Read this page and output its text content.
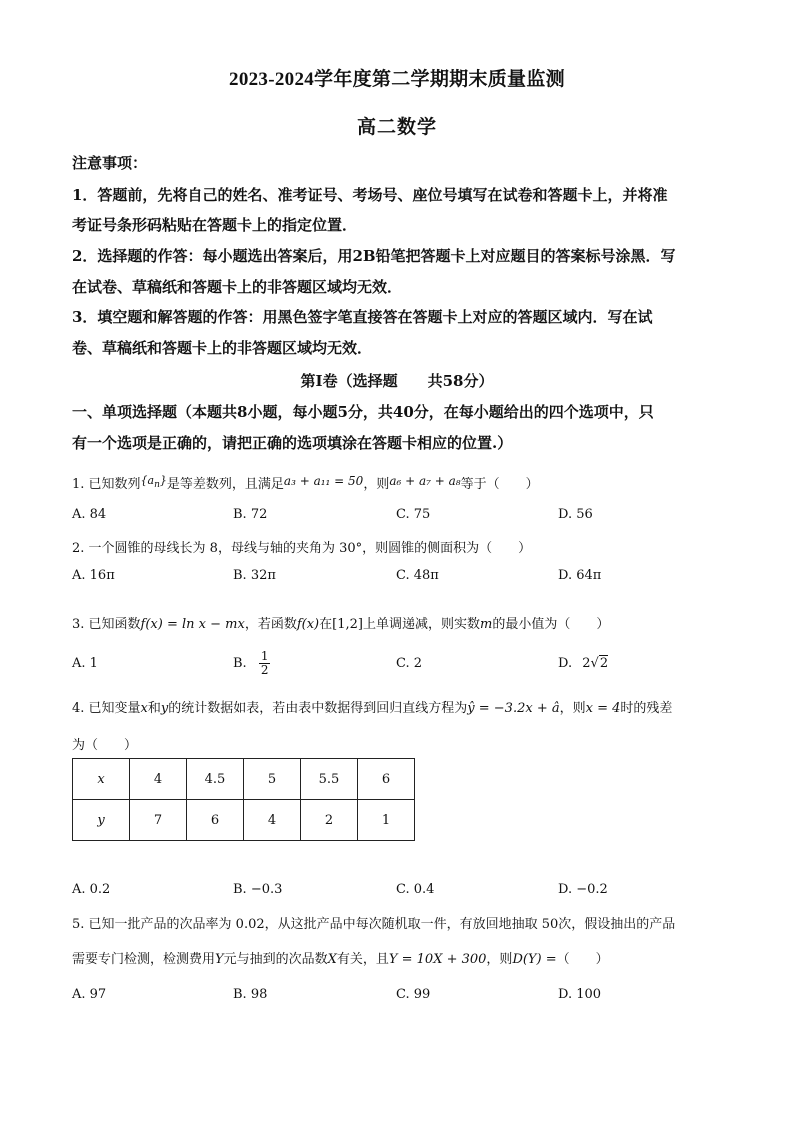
2023-2024学年度第二学期期末质量监测
高二数学
注意事项：
1．答题前，先将自己的姓名、准考证号、考场号、座位号填写在试卷和答题卡上，并将准
考证号条形码粘贴在答题卡上的指定位置．
2．选择题的作答：每小题选出答案后，用2B铅笔把答题卡上对应题目的答案标号涂黑．写
在试卷、草稿纸和答题卡上的非答题区域均无效．
3．填空题和解答题的作答：用黑色签字笔直接答在答题卡上对应的答题区域内．写在试
卷、草稿纸和答题卡上的非答题区域均无效．
第Ⅰ卷（选择题　　共58分）
一、单项选择题（本题共8小题，每小题5分，共40分，在每小题给出的四个选项中，只
有一个选项是正确的，请把正确的选项填涂在答题卡相应的位置.）
1. 已知数列$^{\{a_n\}}$是等差数列，且满足a₃ + a₁₁ = 50，则a₆ + a₇ + a₈等于（　　）
A. 84	B. 72	C. 75	D. 56
2. 一个圆锥的母线长为 8，母线与轴的夹角为 30°，则圆锥的侧面积为（　　）
A. 16π	B. 32π	C. 48π	D. 64π
3. 已知函数f(x) = ln x − mx，若函数f(x)在[1,2]上单调递减，则实数m的最小值为（　　）
A. 1	B. $\frac{1}{2}$	C. 2	D. 2√2
4. 已知变量x和y的统计数据如表，若由表中数据得到回归直线方程为ŷ = −3.2x + â，则x = 4时的残差
为（　　）
x	4	4.5	5	5.5	6
y	7	6	4	2	1
A. 0.2	B. −0.3	C. 0.4	D. −0.2
5. 已知一批产品的次品率为 0.02，从这批产品中每次随机取一件，有放回地抽取 50次，假设抽出的产品
需要专门检测，检测费用Y元与抽到的次品数X有关，且Y = 10X + 300，则D(Y) =（　　）
A. 97	B. 98	C. 99	D. 100
